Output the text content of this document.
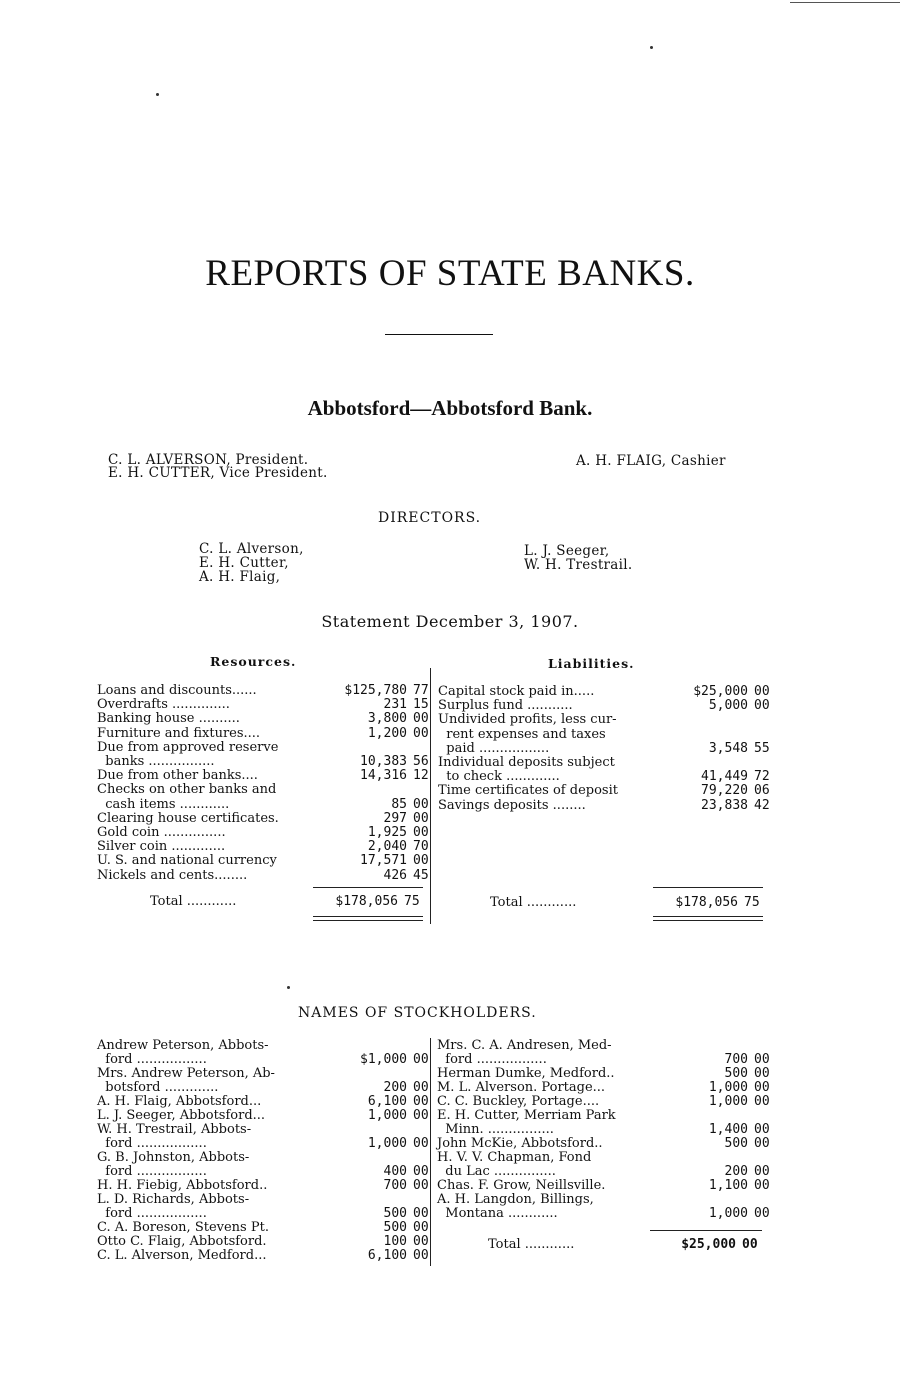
REPORTS OF STATE BANKS.
Abbotsford—Abbotsford Bank.
C. L. ALVERSON, President.
E. H. CUTTER, Vice President.
A. H. FLAIG, Cashier
DIRECTORS.
C. L. Alverson,
E. H. Cutter,
A. H. Flaig,
L. J. Seeger,
W. H. Trestrail.
Statement December 3, 1907.
Resources.	Liabilities.
Loans and discounts......	$125,780 77
Overdrafts ..............	231 15
Banking house ..........	3,800 00
Furniture and fixtures....	1,200 00
Due from approved reserve
banks ................	10,383 56
Due from other banks....	14,316 12
Checks on other banks and
cash items ............	85 00
Clearing house certificates.	297 00
Gold coin ...............	1,925 00
Silver coin .............	2,040 70
U. S. and national currency	17,571 00
Nickels and cents........	426 45
Total ............	$178,056 75
Capital stock paid in.....	$25,000 00
Surplus fund ...........	5,000 00
Undivided profits, less cur-
rent expenses and taxes
paid .................	3,548 55
Individual deposits subject
to check .............	41,449 72
Time certificates of deposit	79,220 06
Savings deposits ........	23,838 42
Total ............	$178,056 75
NAMES OF STOCKHOLDERS.
Andrew Peterson, Abbots-
ford .................	$1,000 00
Mrs. Andrew Peterson, Ab-
botsford .............	200 00
A. H. Flaig, Abbotsford...	6,100 00
L. J. Seeger, Abbotsford...	1,000 00
W. H. Trestrail, Abbots-
ford .................	1,000 00
G. B. Johnston, Abbots-
ford .................	400 00
H. H. Fiebig, Abbotsford..	700 00
L. D. Richards, Abbots-
ford .................	500 00
C. A. Boreson, Stevens Pt.	500 00
Otto C. Flaig, Abbotsford.	100 00
C. L. Alverson, Medford...	6,100 00
Mrs. C. A. Andresen, Med-
ford .................	700 00
Herman Dumke, Medford..	500 00
M. L. Alverson. Portage...	1,000 00
C. C. Buckley, Portage....	1,000 00
E. H. Cutter, Merriam Park
Minn. ................	1,400 00
John McKie, Abbotsford..	500 00
H. V. V. Chapman, Fond
du Lac ...............	200 00
Chas. F. Grow, Neillsville.	1,100 00
A. H. Langdon, Billings,
Montana ............	1,000 00
Total ............	$25,000 00
